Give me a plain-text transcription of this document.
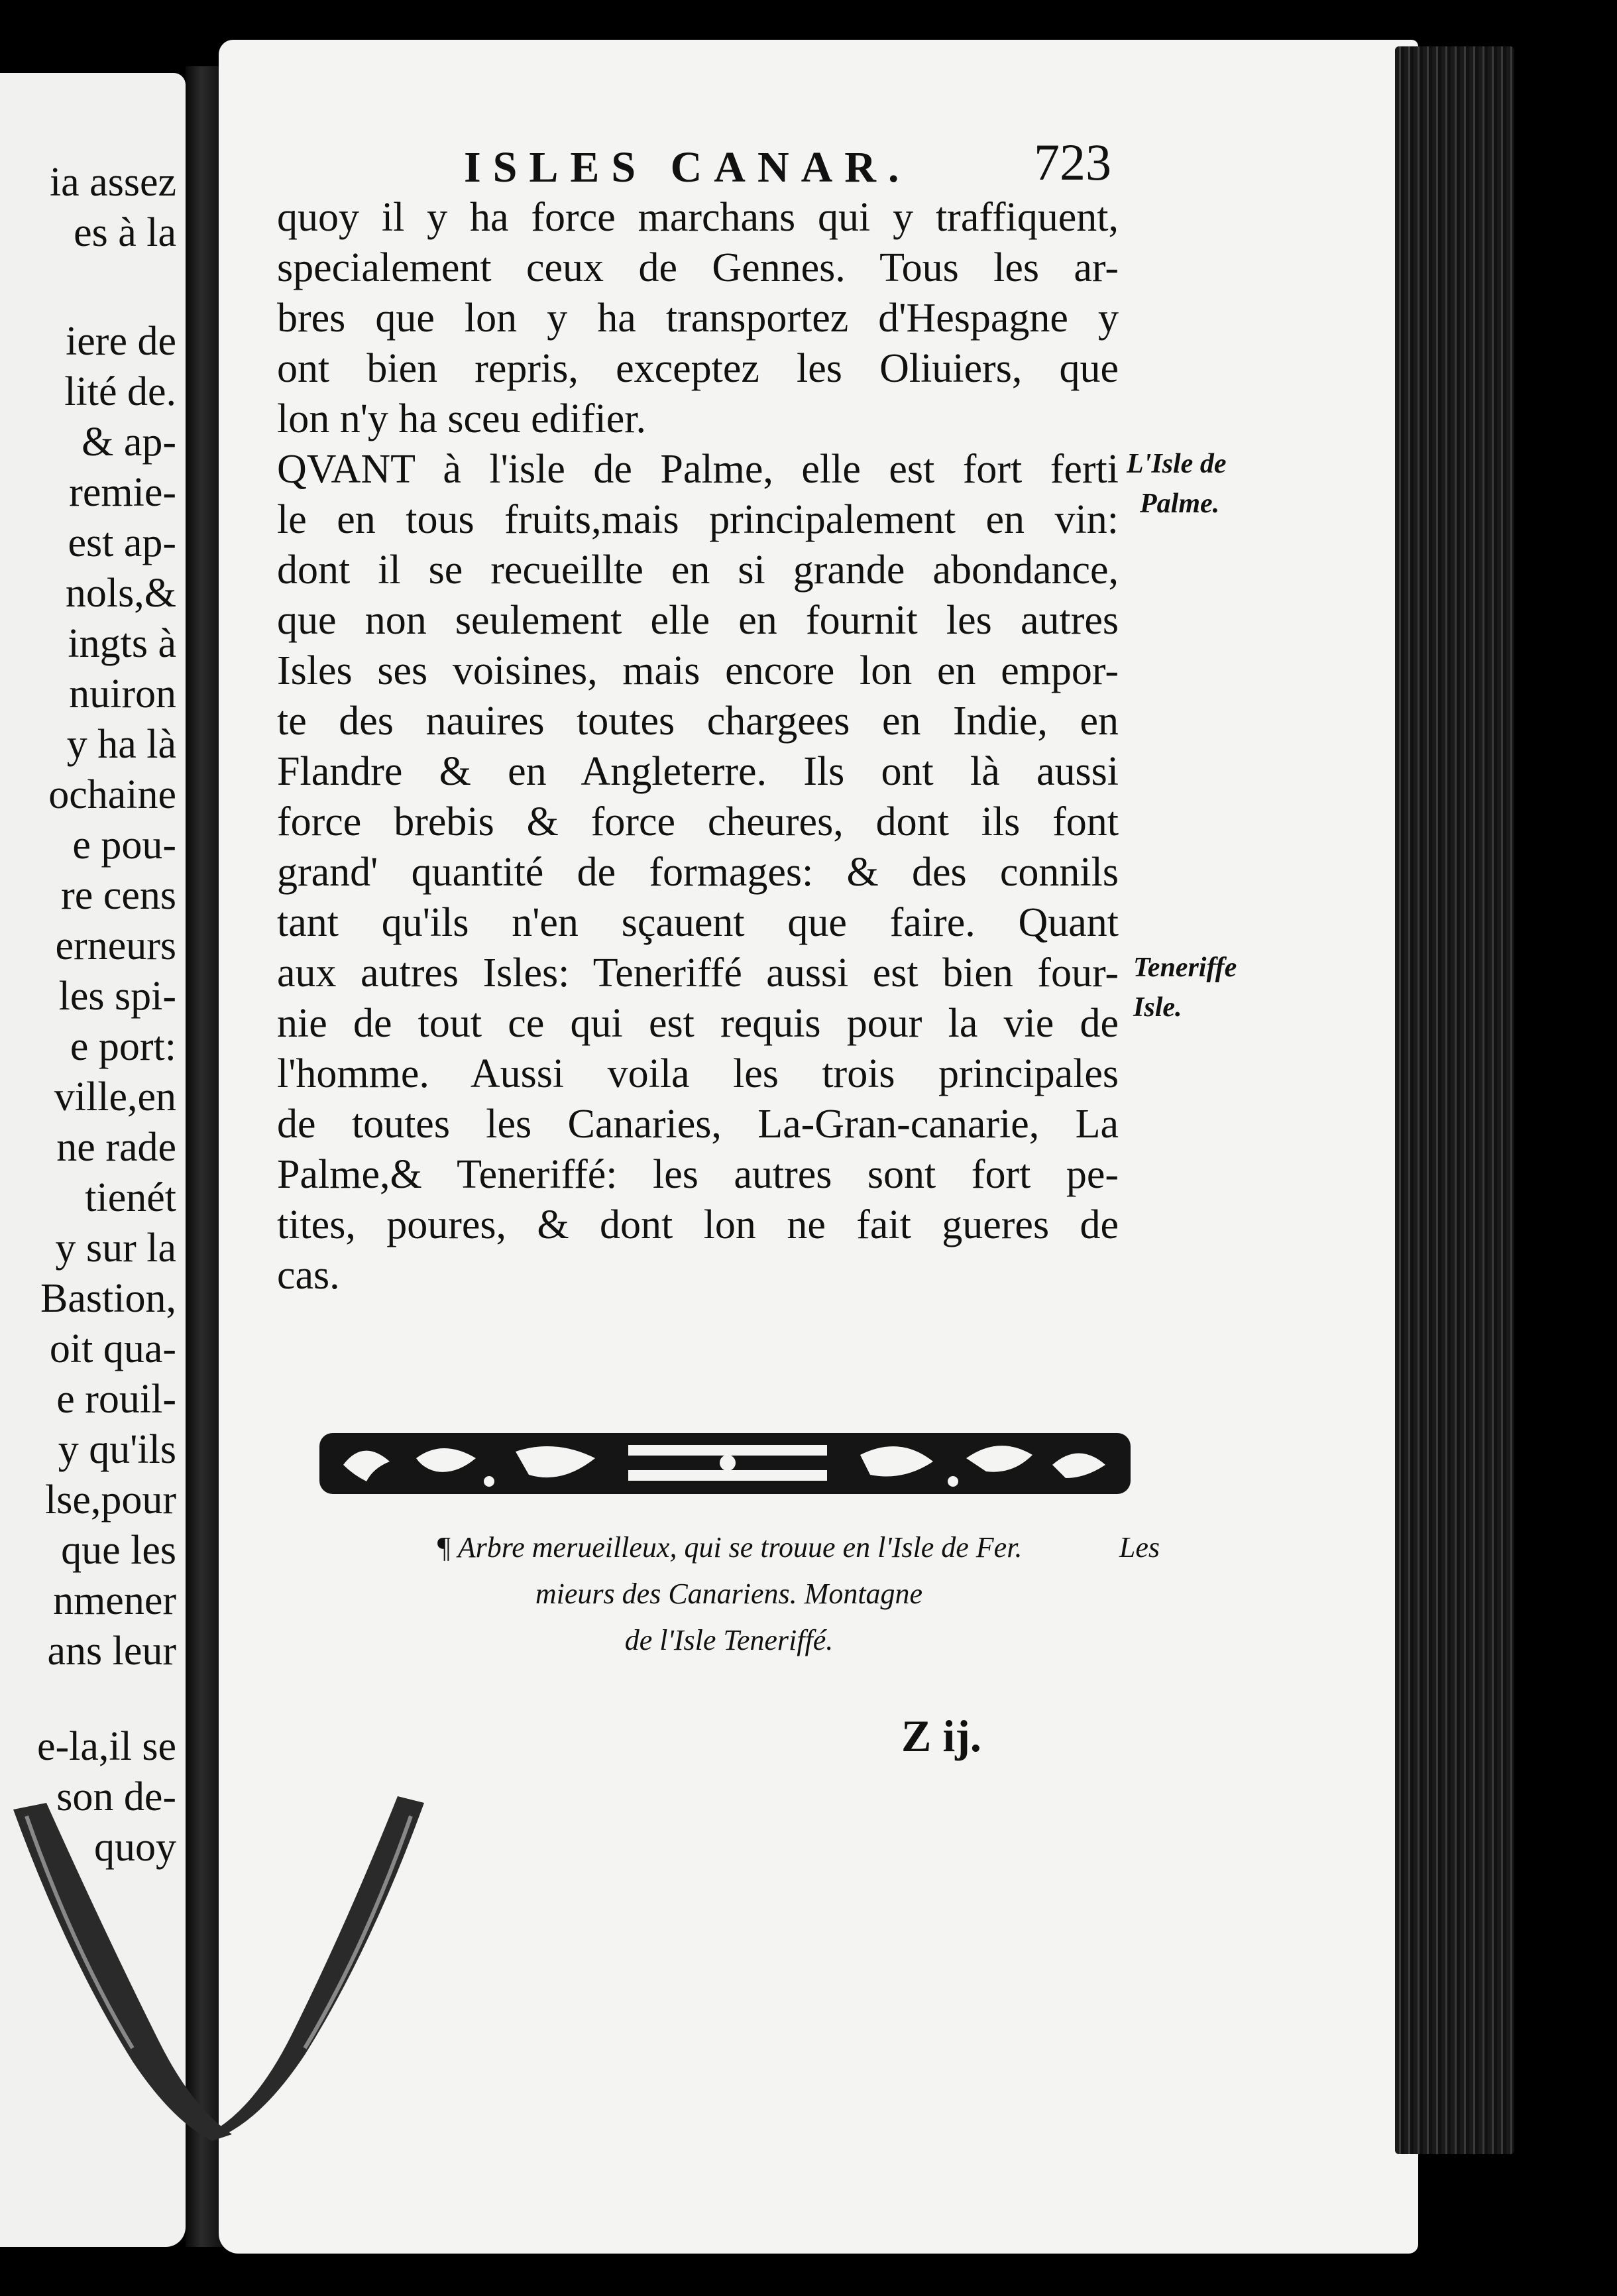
ia assez
es à la
iere de
lité de.
& ap-
remie-
est ap-
nols,&
ingts à
nuiron
y ha là
ochaine
e pou-
re cens
erneurs
les spi-
e port:
ville,en
ne rade
tienét
y sur la
Bastion,
oit qua-
e rouil-
y qu'ils
lse,pour
que les
nmener
ans leur
e-la,il se
son de-
quoy
ISLES CANAR. 723
quoy il y ha force marchans qui y traffiquent,
specialement ceux de Gennes. Tous les ar-
bres que lon y ha transportez d'Hespagne y
ont bien repris, exceptez les Oliuiers, que
lon n'y ha sceu edifier.
QVANT à l'isle de Palme, elle est fort ferti
le en tous fruits,mais principalement en vin:
dont il se recueillte en si grande abondance,
que non seulement elle en fournit les autres
Isles ses voisines, mais encore lon en empor-
te des nauires toutes chargees en Indie, en
Flandre & en Angleterre. Ils ont là aussi
force brebis & force cheures, dont ils font
grand' quantité de formages: & des connils
tant qu'ils n'en sçauent que faire. Quant
aux autres Isles: Teneriffé aussi est bien four-
nie de tout ce qui est requis pour la vie de
l'homme. Aussi voila les trois principales
de toutes les Canaries, La-Gran-canarie, La
Palme,& Teneriffé: les autres sont fort pe-
tites, poures, & dont lon ne fait gueres de
cas.
L'Isle de
Palme.
Teneriffe
Isle.
¶ Arbre merueilleux, qui se trouue en l'Isle de Fer.	Les
mieurs des Canariens. Montagne
de l'Isle Teneriffé.
Z ij.
